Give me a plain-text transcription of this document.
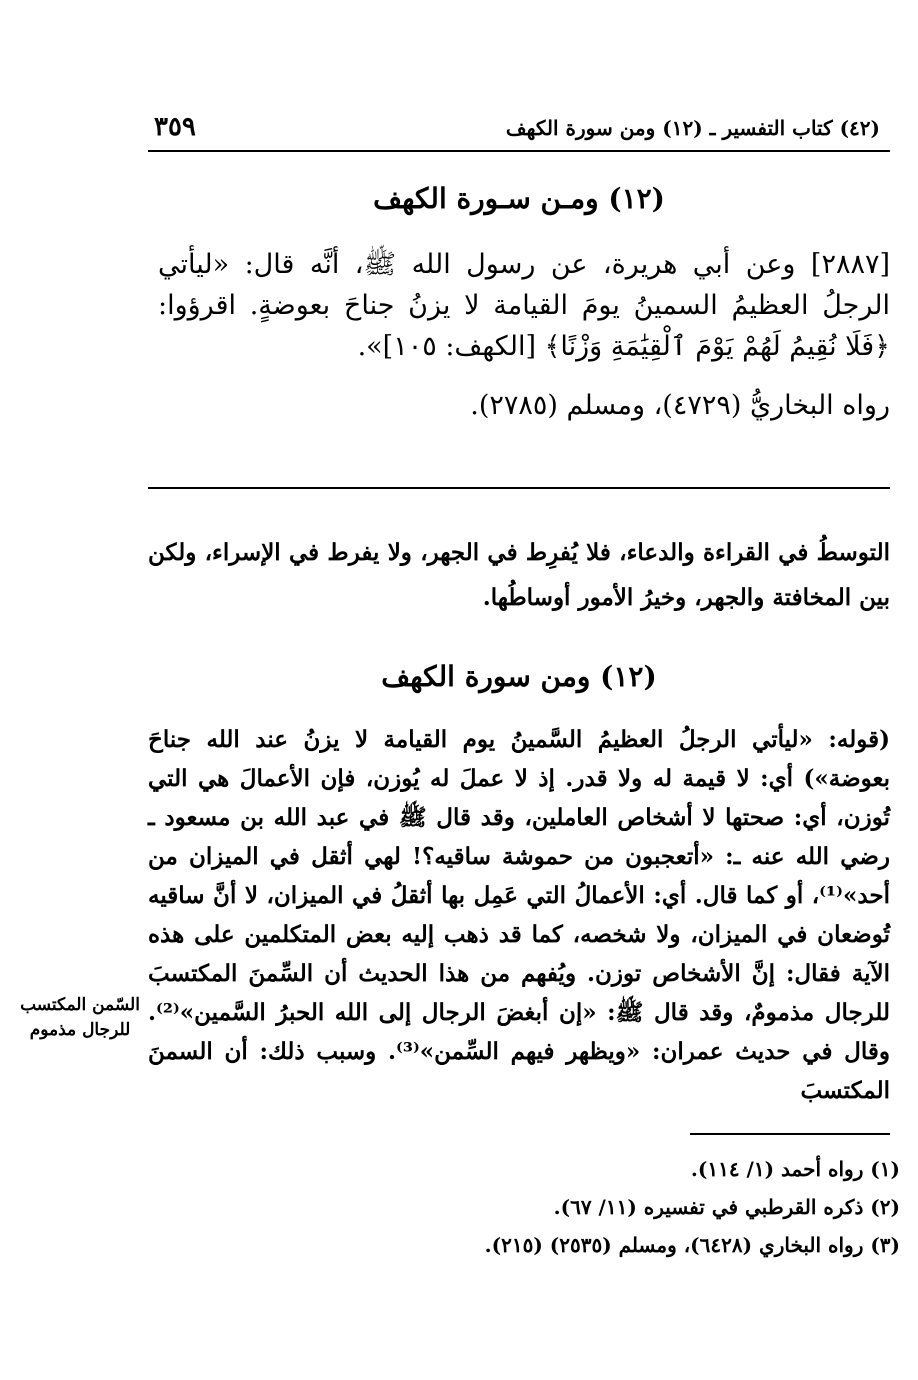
٣٥٩	(٤٢) كتاب التفسير ـ (١٢) ومن سورة الكهف
(١٢) ومـن سـورة الكهف

[٢٨٨٧] وعن أبي هريرة، عن رسول الله ﷺ، أنَّه قال: «ليأتي الرجلُ العظيمُ السمينُ يومَ القيامة لا يزنُ جناحَ بعوضةٍ. اقرؤوا: ﴿فَلَا نُقِيمُ لَهُمْ يَوْمَ ٱلْقِيَٰمَةِ وَزْنًا﴾ [الكهف: ١٠٥]».

رواه البخاريُّ (٤٧٢٩)، ومسلم (٢٧٨٥).

التوسطُ في القراءة والدعاء، فلا يُفرِط في الجهر، ولا يفرط في الإسراء، ولكن بين المخافتة والجهر، وخيرُ الأمور أوساطُها.
(١٢) ومن سورة الكهف
(قوله: «ليأتي الرجلُ العظيمُ السَّمينُ يوم القيامة لا يزنُ عند الله جناحَ بعوضة») أي: لا قيمة له ولا قدر. إذ لا عملَ له يُوزن، فإن الأعمالَ هي التي تُوزن، أي: صحتها لا أشخاص العاملين، وقد قال ﷺ في عبد الله بن مسعود ـ رضي الله عنه ـ: «أتعجبون من حموشة ساقيه؟! لهي أثقل في الميزان من أحد»⁽¹⁾، أو كما قال. أي: الأعمالُ التي عَمِل بها أثقلُ في الميزان، لا أنَّ ساقيه تُوضعان في الميزان، ولا شخصه، كما قد ذهب إليه بعض المتكلمين على هذه الآية فقال: إنَّ الأشخاص توزن. ويُفهم من هذا الحديث أن السِّمنَ المكتسبَ للرجال مذمومٌ، وقد قال ﷺ: «إن أبغضَ الرجال إلى الله الحبرُ السَّمين»⁽²⁾. وقال في حديث عمران: «ويظهر فيهم السِّمن»⁽³⁾. وسبب ذلك: أن السمنَ المكتسبَ
السّمن المكتسب للرجال مذموم
(١) رواه أحمد (١/ ١١٤).
(٢) ذكره القرطبي في تفسيره (١١/ ٦٧).
(٣) رواه البخاري (٦٤٢٨)، ومسلم (٢٥٣٥) (٢١٥).
